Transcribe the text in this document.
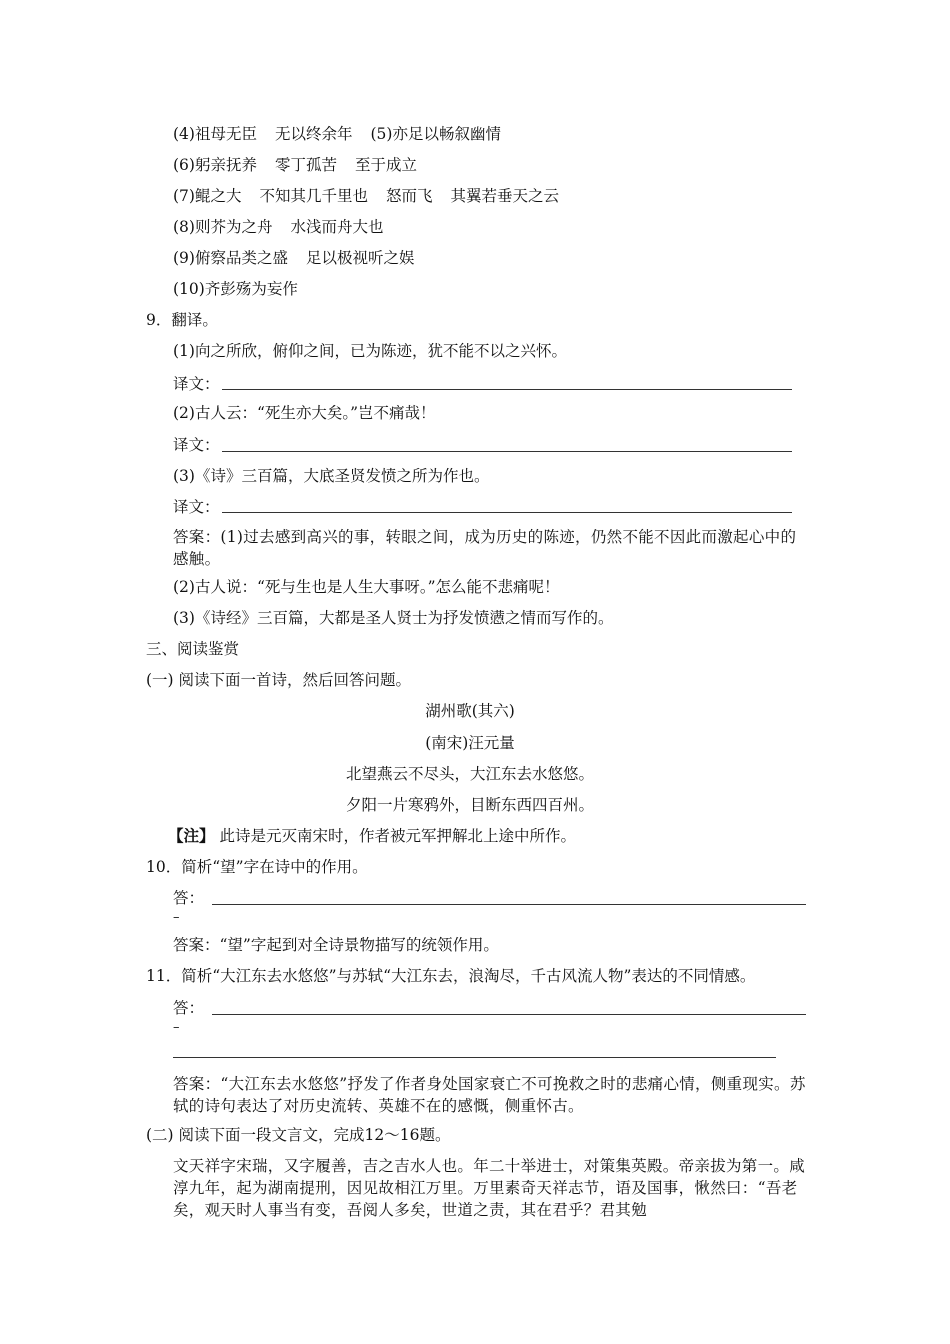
(4)祖母无臣 无以终余年 (5)亦足以畅叙幽情
(6)躬亲抚养 零丁孤苦 至于成立
(7)鲲之大 不知其几千里也 怒而飞 其翼若垂天之云
(8)则芥为之舟 水浅而舟大也
(9)俯察品类之盛 足以极视听之娱
(10)齐彭殇为妄作
9．翻译。
(1)向之所欣，俯仰之间，已为陈迹，犹不能不以之兴怀。
译文：
(2)古人云：“死生亦大矣。”岂不痛哉！
译文：
(3)《诗》三百篇，大底圣贤发愤之所为作也。
译文：
答案：(1)过去感到高兴的事，转眼之间，成为历史的陈迹，仍然不能不因此而激起心中的感触。
(2)古人说：“死与生也是人生大事呀。”怎么能不悲痛呢！
(3)《诗经》三百篇，大都是圣人贤士为抒发愤懑之情而写作的。
三、阅读鉴赏
(一) 阅读下面一首诗，然后回答问题。
湖州歌(其六)
(南宋)汪元量
北望燕云不尽头，大江东去水悠悠。
夕阳一片寒鸦外，目断东西四百州。
【注】 此诗是元灭南宋时，作者被元军押解北上途中所作。
10．简析“望”字在诗中的作用。
答：
–
答案：“望”字起到对全诗景物描写的统领作用。
11．简析“大江东去水悠悠”与苏轼“大江东去，浪淘尽，千古风流人物”表达的不同情感。
答：
–
答案：“大江东去水悠悠”抒发了作者身处国家衰亡不可挽救之时的悲痛心情，侧重现实。苏轼的诗句表达了对历史流转、英雄不在的感慨，侧重怀古。
(二) 阅读下面一段文言文，完成12～16题。
文天祥字宋瑞，又字履善，吉之吉水人也。年二十举进士，对策集英殿。帝亲拔为第一。咸淳九年，起为湖南提刑，因见故相江万里。万里素奇天祥志节，语及国事，愀然曰：“吾老矣，观天时人事当有变，吾阅人多矣，世道之责，其在君乎？君其勉
